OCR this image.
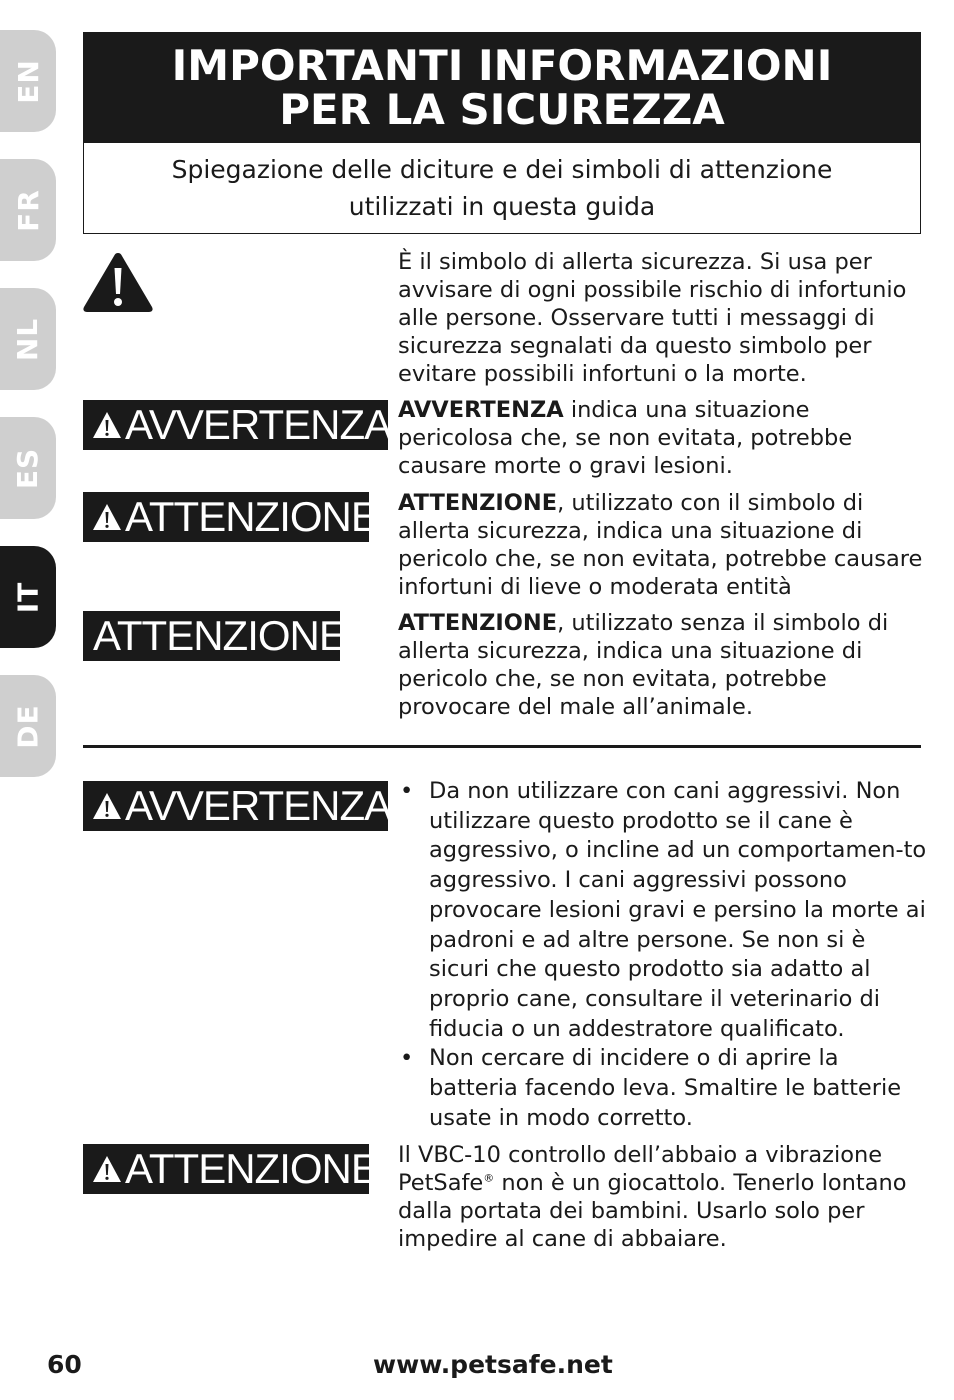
EN
FR
NL
ES
IT
DE
IMPORTANTI INFORMAZIONI
PER LA SICUREZZA
Spiegazione delle diciture e dei simboli di attenzione
utilizzati in questa guida
È il simbolo di allerta sicurezza. Si usa per avvisare di ogni possibile rischio di infortunio alle persone. Osservare tutti i messaggi di sicurezza segnalati da questo simbolo per evitare possibili infortuni o la morte.
AVVERTENZA AVVERTENZA indica una situazione pericolosa che, se non evitata, potrebbe causare morte o gravi lesioni.
ATTENZIONE ATTENZIONE, utilizzato con il simbolo di allerta sicurezza, indica una situazione di pericolo che, se non evitata, potrebbe causare infortuni di lieve o moderata entità
ATTENZIONE ATTENZIONE, utilizzato senza il simbolo di allerta sicurezza, indica una situazione di pericolo che, se non evitata, potrebbe provocare del male all’animale.
AVVERTENZA • Da non utilizzare con cani aggressivi. Non utilizzare questo prodotto se il cane è aggressivo, o incline ad un comportamen-to aggressivo. I cani aggressivi possono provocare lesioni gravi e persino la morte ai padroni e ad altre persone. Se non si è sicuri che questo prodotto sia adatto al proprio cane, consultare il veterinario di fiducia o un addestratore qualificato.
• Non cercare di incidere o di aprire la batteria facendo leva. Smaltire le batterie usate in modo corretto.
ATTENZIONE Il VBC-10 controllo dell’abbaio a vibrazione PetSafe® non è un giocattolo. Tenerlo lontano dalla portata dei bambini. Usarlo solo per impedire al cane di abbaiare.
60	www.petsafe.net
